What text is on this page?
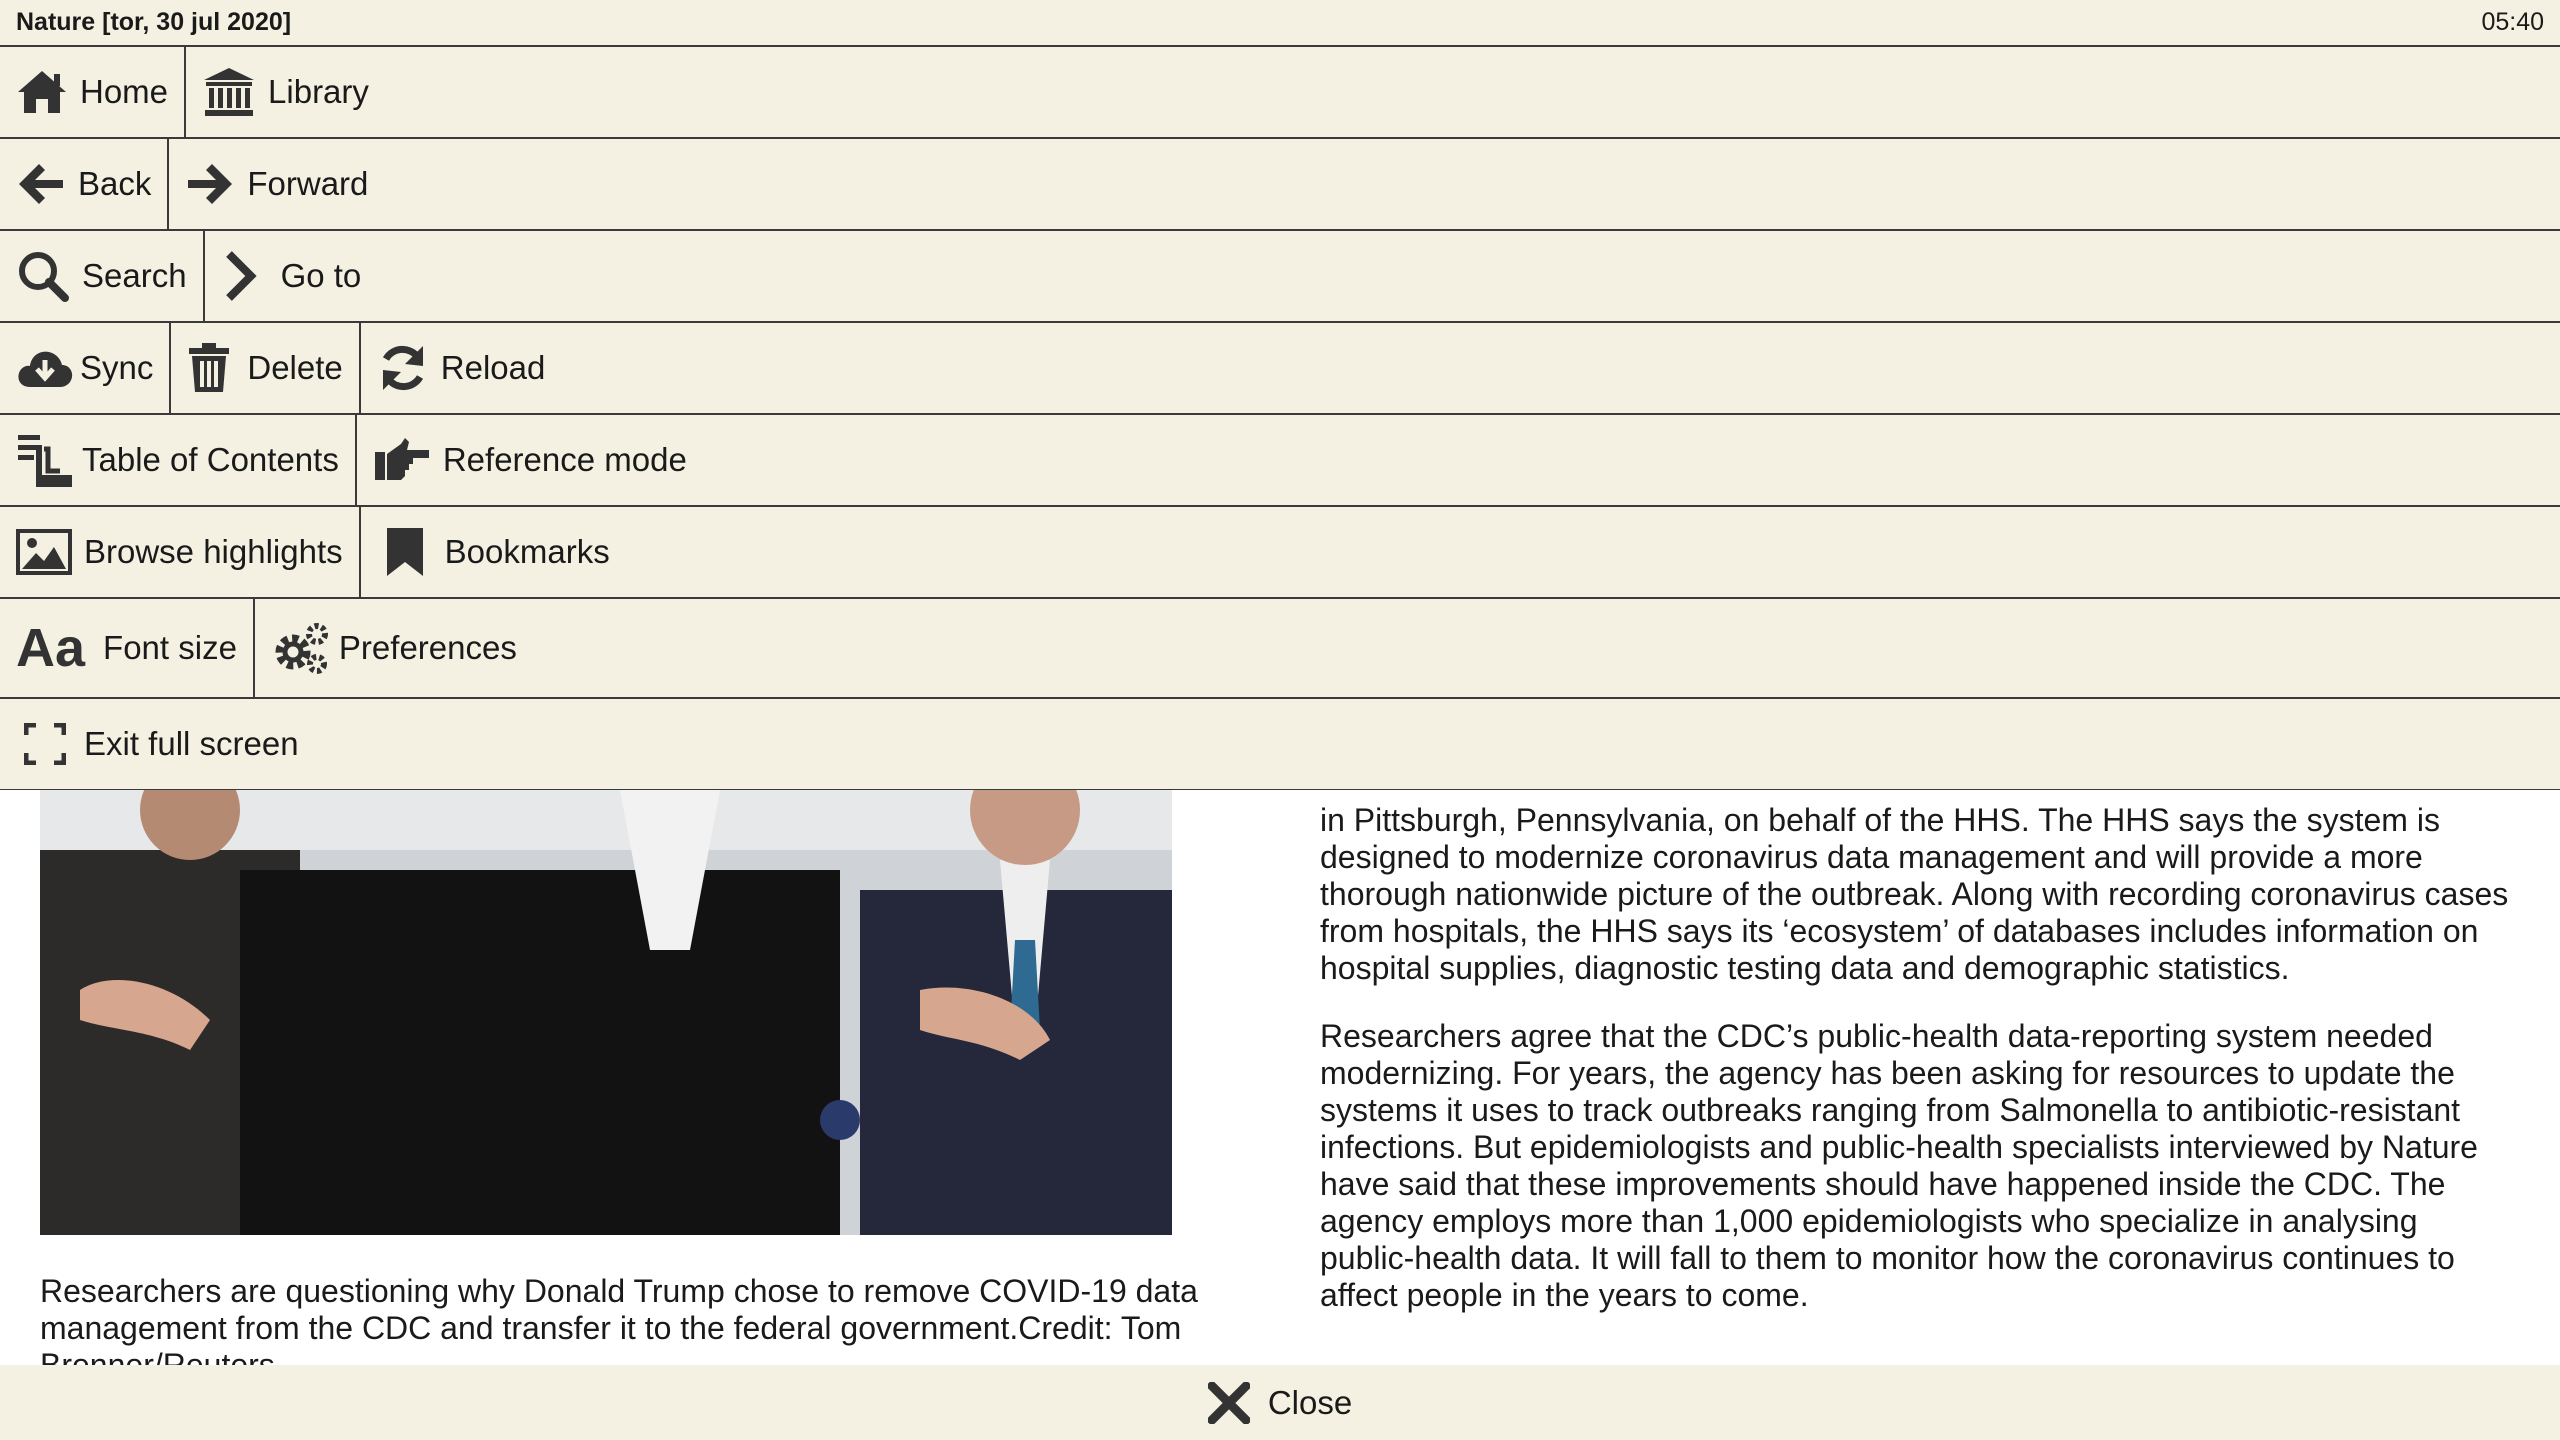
Nature [tor, 30 jul 2020]	05:40
Home	Library
Back	Forward
Search	Go to
Sync	Delete	Reload
Table of Contents	Reference mode
Browse highlights	Bookmarks
Aa Font size	Preferences
Exit full screen
Researchers are questioning why Donald Trump chose to remove COVID-19 data management from the CDC and transfer it to the federal government.Credit: Tom

in Pittsburgh, Pennsylvania, on behalf of the HHS. The HHS says the system is designed to modernize coronavirus data management and will provide a more thorough nationwide picture of the outbreak. Along with recording coronavirus cases from hospitals, the HHS says its ‘ecosystem’ of databases includes information on hospital supplies, diagnostic testing data and demographic statistics.

Researchers agree that the CDC’s public-health data-reporting system needed modernizing. For years, the agency has been asking for resources to update the systems it uses to track outbreaks ranging from Salmonella to antibiotic-resistant infections. But epidemiologists and public-health specialists interviewed by Nature have said that these improvements should have happened inside the CDC. The agency employs more than 1,000 epidemiologists who specialize in analysing public-health data. It will fall to them to monitor how the coronavirus continues to affect people in the years to come.

Close
